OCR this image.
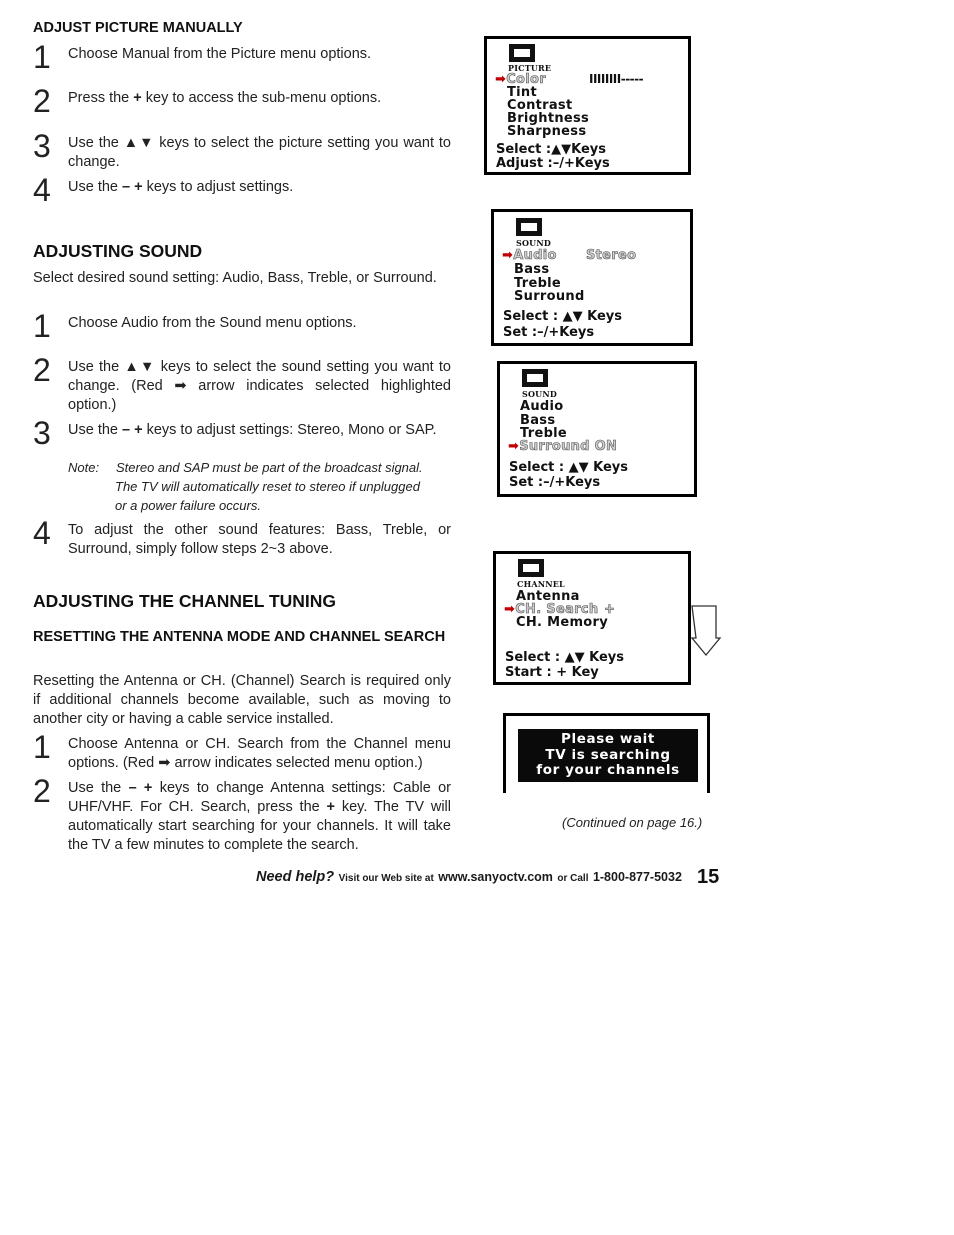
ADJUST PICTURE MANUALLY
1 Choose Manual from the Picture menu options.
2 Press the + key to access the sub-menu options.
3 Use the ▲▼ keys to select the picture setting you want to change.
4 Use the – + keys to adjust settings.
ADJUSTING SOUND
Select desired sound setting: Audio, Bass, Treble, or Surround.
1 Choose Audio from the Sound menu options.
2 Use the ▲▼ keys to select the sound setting you want to change. (Red ➡ arrow indicates selected highlighted option.)
3 Use the – + keys to adjust settings: Stereo, Mono or SAP.
Note: Stereo and SAP must be part of the broadcast signal.
The TV will automatically reset to stereo if unplugged
or a power failure occurs.
4 To adjust the other sound features: Bass, Treble, or Surround, simply follow steps 2~3 above.
ADJUSTING THE CHANNEL TUNING
RESETTING THE ANTENNA MODE AND CHANNEL SEARCH
Resetting the Antenna or CH. (Channel) Search is required only if additional channels become available, such as moving to another city or having a cable service installed.
1 Choose Antenna or CH. Search from the Channel menu options. (Red ➡ arrow indicates selected menu option.)
2 Use the – + keys to change Antenna settings: Cable or UHF/VHF. For CH. Search, press the + key. The TV will automatically start searching for your channels. It will take the TV a few minutes to complete the search.
PICTURE
➡Color	IIIIIIII-----
Tint
Contrast
Brightness
Sharpness
Select :▲▼Keys
Adjust :–/+Keys
SOUND
➡Audio Stereo
Bass
Treble
Surround
Select : ▲▼ Keys
Set :–/+Keys
SOUND
Audio
Bass
Treble
➡Surround ON
Select : ▲▼ Keys
Set :–/+Keys
CHANNEL
Antenna
➡CH. Search +
CH. Memory
Select : ▲▼ Keys
Start : + Key
Please wait
TV is searching
for your channels
(Continued on page 16.)
Need help? Visit our Web site at www.sanyoctv.com or Call 1-800-877-5032 15
